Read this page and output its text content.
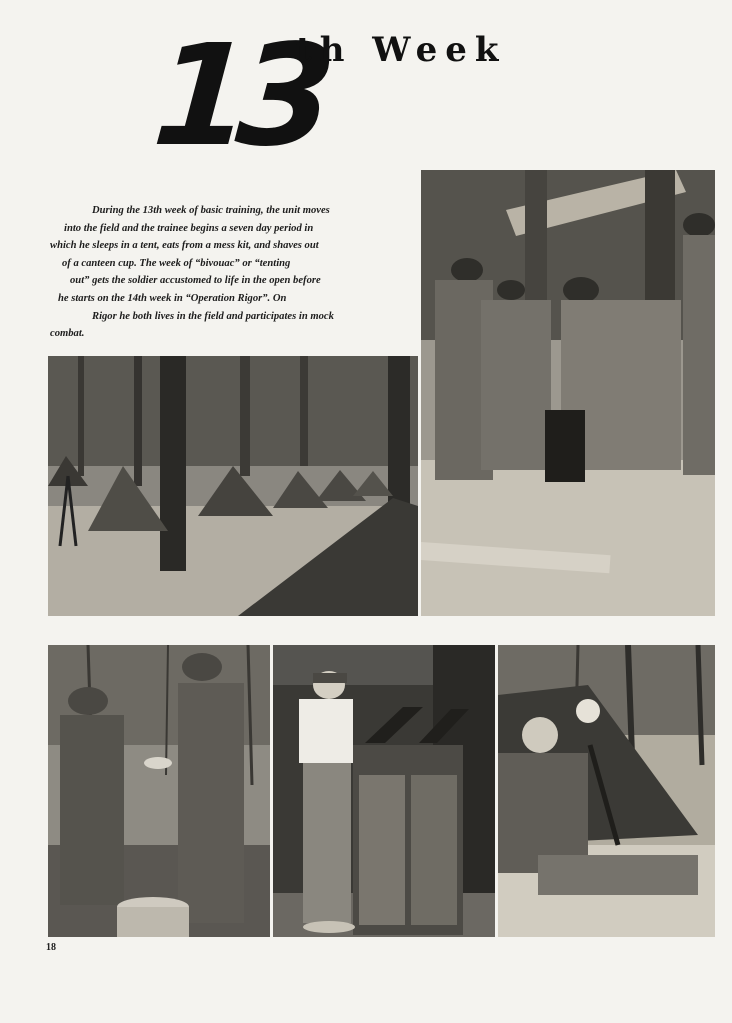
13
th Week
During the 13th week of basic training, the unit moves
into the field and the trainee begins a seven day period in
which he sleeps in a tent, eats from a mess kit, and shaves out
of a canteen cup. The week of “bivouac” or “tenting
out” gets the soldier accustomed to life in the open before
he starts on the 14th week in “Operation Rigor”. On
Rigor he both lives in the field and participates in mock
combat.
18
